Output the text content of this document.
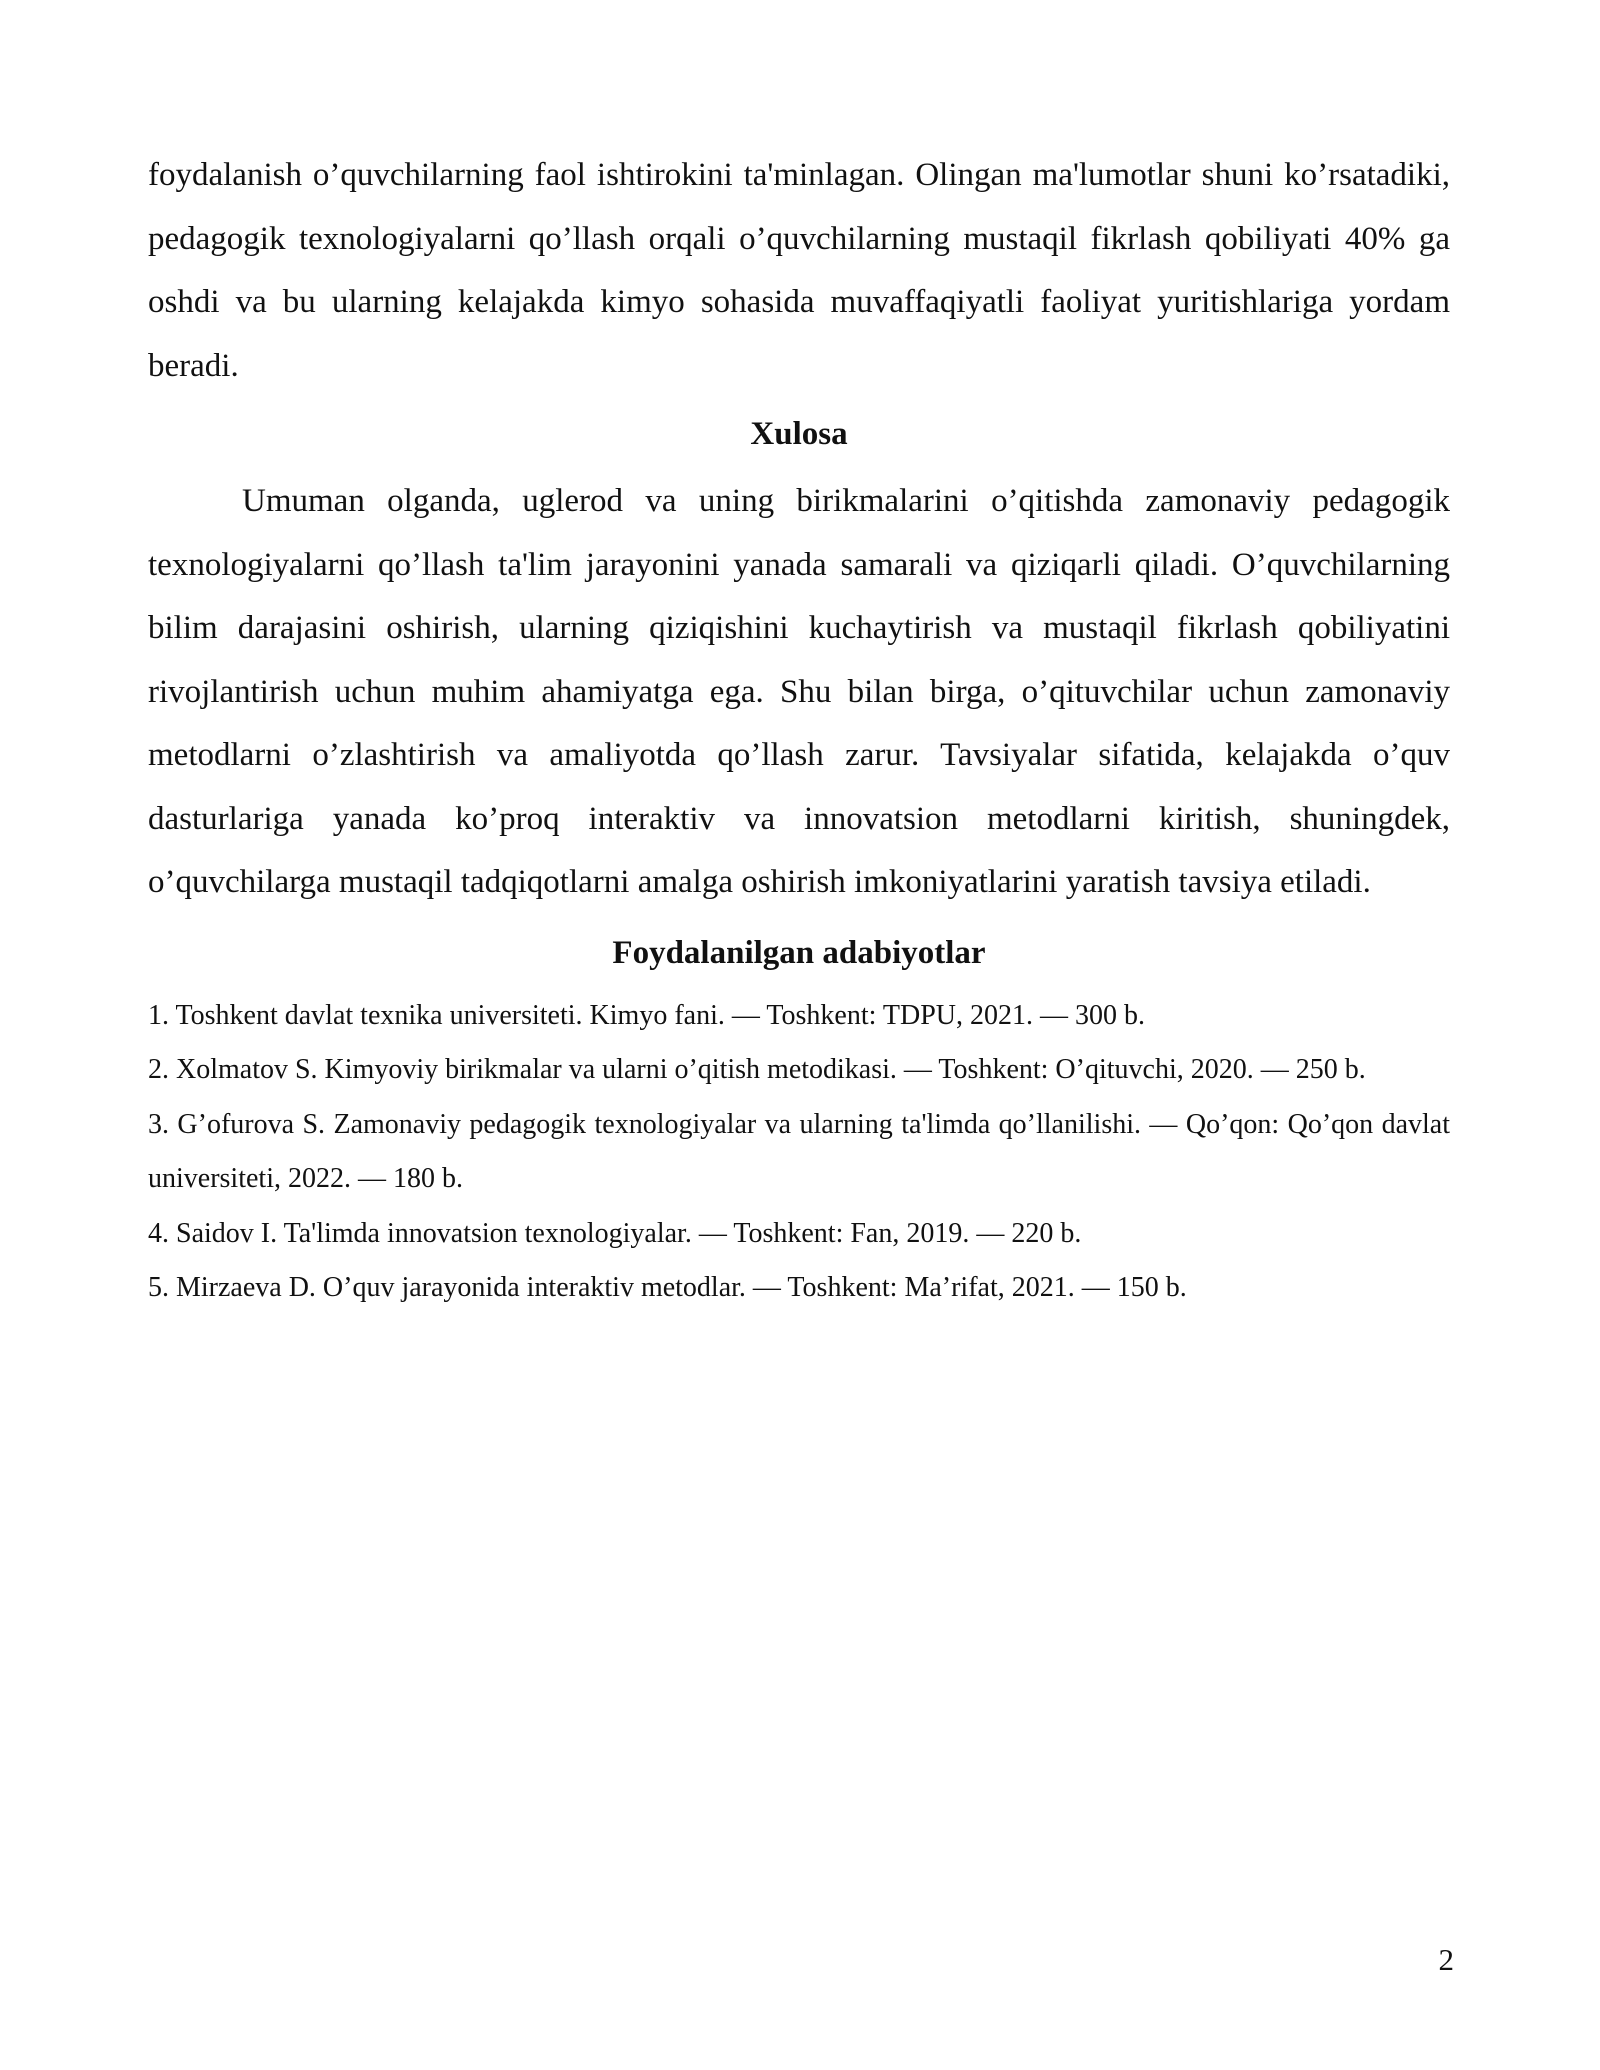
foydalanish o’quvchilarning faol ishtirokini ta'minlagan. Olingan ma'lumotlar shuni ko’rsatadiki, pedagogik texnologiyalarni qo’llash orqali o’quvchilarning mustaqil fikrlash qobiliyati 40% ga oshdi va bu ularning kelajakda kimyo sohasida muvaffaqiyatli faoliyat yuritishlariga yordam beradi.

Xulosa

Umuman olganda, uglerod va uning birikmalarini o’qitishda zamonaviy pedagogik texnologiyalarni qo’llash ta'lim jarayonini yanada samarali va qiziqarli qiladi. O’quvchilarning bilim darajasini oshirish, ularning qiziqishini kuchaytirish va mustaqil fikrlash qobiliyatini rivojlantirish uchun muhim ahamiyatga ega. Shu bilan birga, o’qituvchilar uchun zamonaviy metodlarni o’zlashtirish va amaliyotda qo’llash zarur. Tavsiyalar sifatida, kelajakda o’quv dasturlariga yanada ko’proq interaktiv va innovatsion metodlarni kiritish, shuningdek, o’quvchilarga mustaqil tadqiqotlarni amalga oshirish imkoniyatlarini yaratish tavsiya etiladi.

Foydalanilgan adabiyotlar
1. Toshkent davlat texnika universiteti. Kimyo fani. — Toshkent: TDPU, 2021. — 300 b.
2. Xolmatov S. Kimyoviy birikmalar va ularni o’qitish metodikasi. — Toshkent: O’qituvchi, 2020. — 250 b.
3. G’ofurova S. Zamonaviy pedagogik texnologiyalar va ularning ta'limda qo’llanilishi. — Qo’qon: Qo’qon davlat universiteti, 2022. — 180 b.
4. Saidov I. Ta'limda innovatsion texnologiyalar. — Toshkent: Fan, 2019. — 220 b.
5. Mirzaeva D. O’quv jarayonida interaktiv metodlar. — Toshkent: Ma’rifat, 2021. — 150 b.
2
